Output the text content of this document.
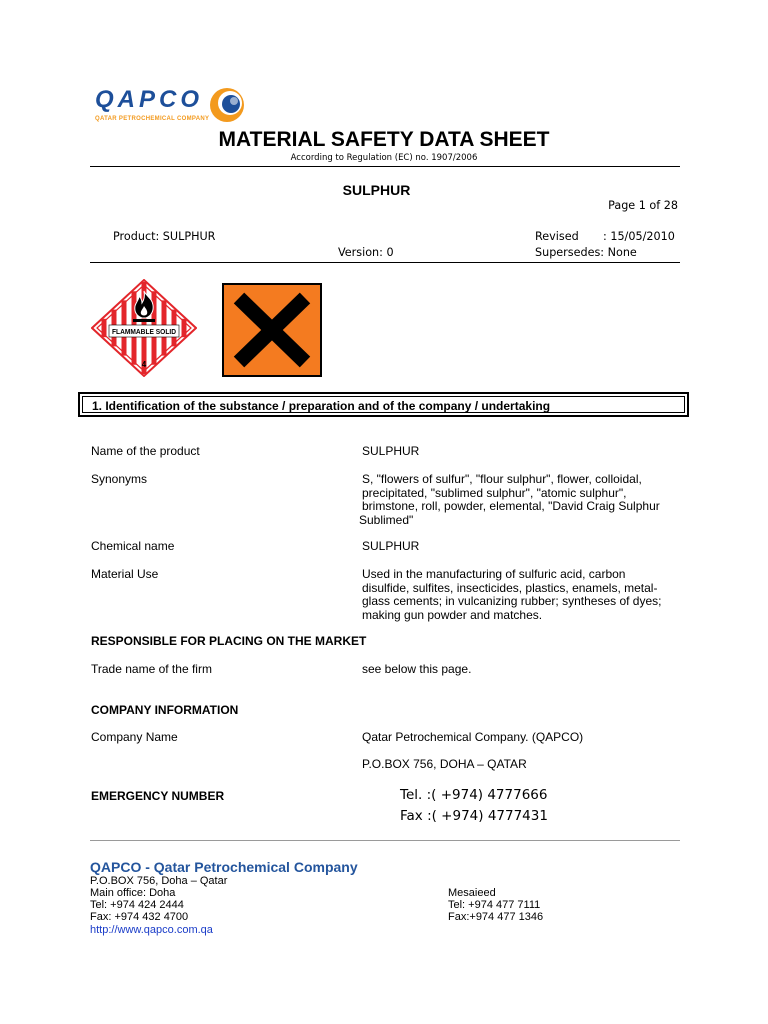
QAPCO
QATAR PETROCHEMICAL COMPANY
MATERIAL SAFETY DATA SHEET
According to Regulation (EC) no. 1907/2006
SULPHUR
Page 1 of 28
Product: SULPHUR	Revised : 15/05/2010
Version: 0	Supersedes: None
FLAMMABLE SOLID
4
1. Identification of the substance / preparation and of the company / undertaking
Name of the product	SULPHUR
Synonyms	S, "flowers of sulfur", "flour sulphur", flower, colloidal,
precipitated, "sublimed sulphur", "atomic sulphur",
brimstone, roll, powder, elemental, "David Craig Sulphur
Sublimed"
Chemical name	SULPHUR
Material Use	Used in the manufacturing of sulfuric acid, carbon
disulfide, sulfites, insecticides, plastics, enamels, metal-
glass cements; in vulcanizing rubber; syntheses of dyes;
making gun powder and matches.
RESPONSIBLE FOR PLACING ON THE MARKET
Trade name of the firm	see below this page.
COMPANY INFORMATION
Company Name	Qatar Petrochemical Company. (QAPCO)
P.O.BOX 756, DOHA – QATAR
EMERGENCY NUMBER	Tel. :( +974) 4777666
Fax :( +974) 4777431
QAPCO - Qatar Petrochemical Company
P.O.BOX 756, Doha – Qatar
Main office: Doha
Tel: +974 424 2444
Fax: +974 432 4700
http://www.qapco.com.qa
Mesaieed
Tel: +974 477 7111
Fax:+974 477 1346
